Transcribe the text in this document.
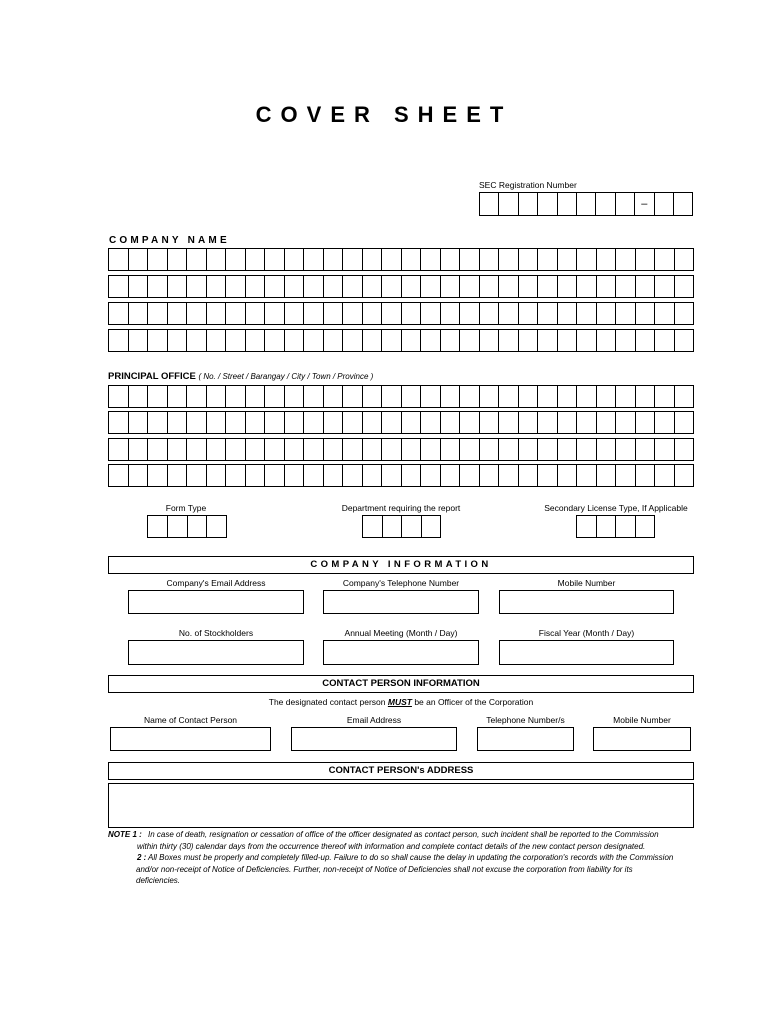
COVER SHEET
SEC Registration Number
–
COMPANY NAME
PRINCIPAL OFFICE ( No. / Street / Barangay / City / Town / Province )
Form Type	Department requiring the report	Secondary License Type, If Applicable
COMPANY INFORMATION
Company's Email Address	Company's Telephone Number	Mobile Number
No. of Stockholders	Annual Meeting (Month / Day)	Fiscal Year (Month / Day)
CONTACT PERSON INFORMATION
The designated contact person MUST be an Officer of the Corporation
Name of Contact Person	Email Address	Telephone Number/s	Mobile Number
CONTACT PERSON's ADDRESS
NOTE 1 : In case of death, resignation or cessation of office of the officer designated as contact person, such incident shall be reported to the Commission
within thirty (30) calendar days from the occurrence thereof with information and complete contact details of the new contact person designated.
2 : All Boxes must be properly and completely filled-up. Failure to do so shall cause the delay in updating the corporation's records with the Commission
and/or non-receipt of Notice of Deficiencies. Further, non-receipt of Notice of Deficiencies shall not excuse the corporation from liability for its
deficiencies.
